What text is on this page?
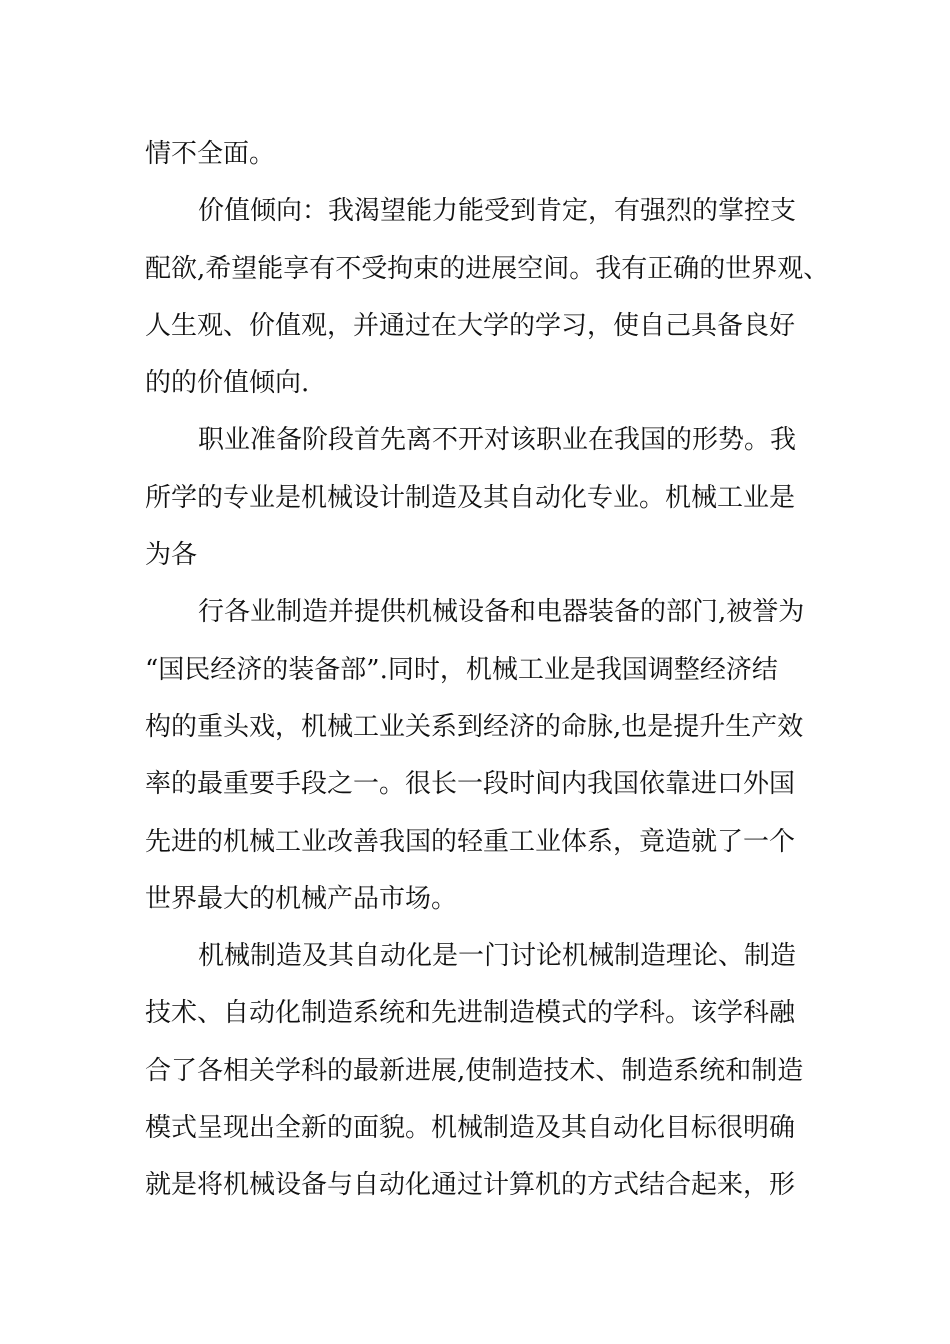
情不全面。
价值倾向：我渴望能力能受到肯定，有强烈的掌控支
配欲,希望能享有不受拘束的进展空间。我有正确的世界观、
人生观、价值观，并通过在大学的学习，使自己具备良好
的的价值倾向.
职业准备阶段首先离不开对该职业在我国的形势。我
所学的专业是机械设计制造及其自动化专业。机械工业是
为各
行各业制造并提供机械设备和电器装备的部门,被誉为
“国民经济的装备部”.同时，机械工业是我国调整经济结
构的重头戏，机械工业关系到经济的命脉,也是提升生产效
率的最重要手段之一。很长一段时间内我国依靠进口外国
先进的机械工业改善我国的轻重工业体系，竟造就了一个
世界最大的机械产品市场。
机械制造及其自动化是一门讨论机械制造理论、制造
技术、自动化制造系统和先进制造模式的学科。该学科融
合了各相关学科的最新进展,使制造技术、制造系统和制造
模式呈现出全新的面貌。机械制造及其自动化目标很明确
就是将机械设备与自动化通过计算机的方式结合起来，形
